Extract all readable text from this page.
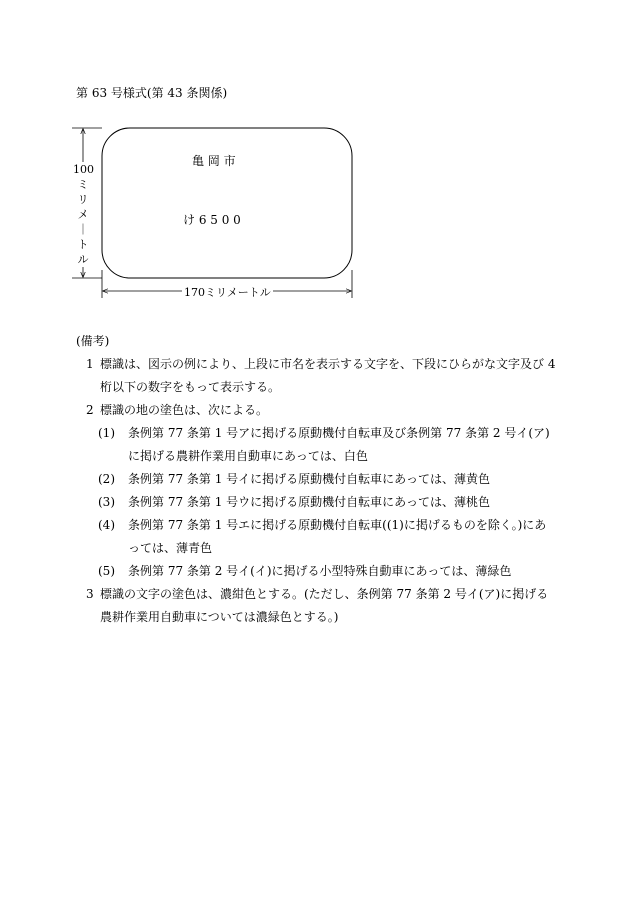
第 63 号様式(第 43 条関係)
亀 岡 市
け 6 5 0 0
100
ミ
リ
メ
｜
ト
ル
170ミリメートル
(備考)
1 標識は、図示の例により、上段に市名を表示する文字を、下段にひらがな文字及び 4 桁以下の数字をもって表示する。
2 標識の地の塗色は、次による。
(1) 条例第 77 条第 1 号アに掲げる原動機付自転車及び条例第 77 条第 2 号イ(ア)に掲げる農耕作業用自動車にあっては、白色
(2) 条例第 77 条第 1 号イに掲げる原動機付自転車にあっては、薄黄色
(3) 条例第 77 条第 1 号ウに掲げる原動機付自転車にあっては、薄桃色
(4) 条例第 77 条第 1 号エに掲げる原動機付自転車((1)に掲げるものを除く。)にあっては、薄青色
(5) 条例第 77 条第 2 号イ(イ)に掲げる小型特殊自動車にあっては、薄緑色
3 標識の文字の塗色は、濃紺色とする。(ただし、条例第 77 条第 2 号イ(ア)に掲げる農耕作業用自動車については濃緑色とする。)
